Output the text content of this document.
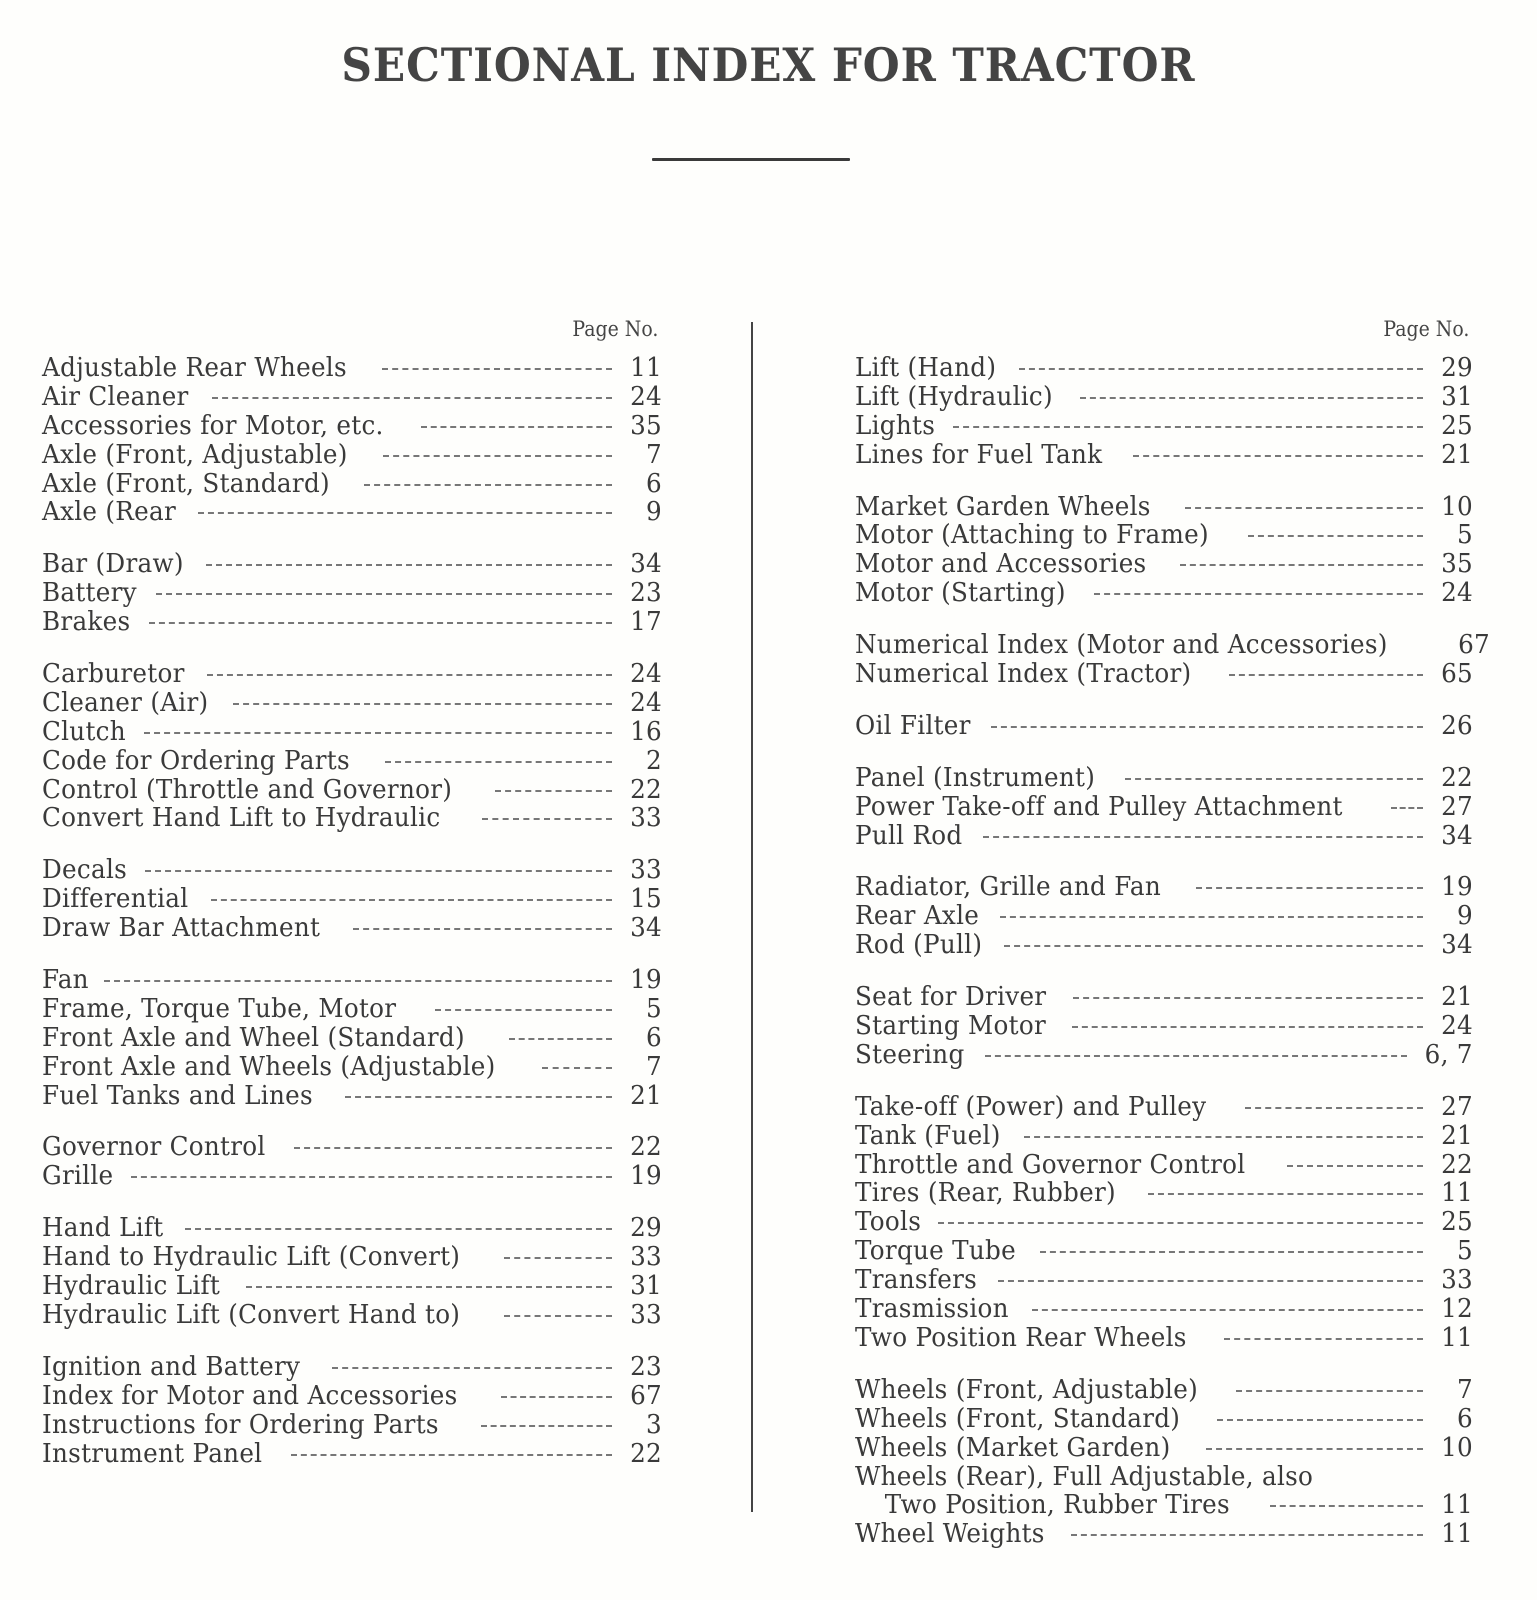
SECTIONAL INDEX FOR TRACTOR
Page No.
Adjustable Rear Wheels	11
Air Cleaner	24
Accessories for Motor, etc.	35
Axle (Front, Adjustable)	7
Axle (Front, Standard)	6
Axle (Rear	9
Bar (Draw)	34
Battery	23
Brakes	17
Carburetor	24
Cleaner (Air)	24
Clutch	16
Code for Ordering Parts	2
Control (Throttle and Governor)	22
Convert Hand Lift to Hydraulic	33
Decals	33
Differential	15
Draw Bar Attachment	34
Fan	19
Frame, Torque Tube, Motor	5
Front Axle and Wheel (Standard)	6
Front Axle and Wheels (Adjustable)	7
Fuel Tanks and Lines	21
Governor Control	22
Grille	19
Hand Lift	29
Hand to Hydraulic Lift (Convert)	33
Hydraulic Lift	31
Hydraulic Lift (Convert Hand to)	33
Ignition and Battery	23
Index for Motor and Accessories	67
Instructions for Ordering Parts	3
Instrument Panel	22
Page No.
Lift (Hand)	29
Lift (Hydraulic)	31
Lights	25
Lines for Fuel Tank	21
Market Garden Wheels	10
Motor (Attaching to Frame)	5
Motor and Accessories	35
Motor (Starting)	24
Numerical Index (Motor and Accessories)	67
Numerical Index (Tractor)	65
Oil Filter	26
Panel (Instrument)	22
Power Take-off and Pulley Attachment	27
Pull Rod	34
Radiator, Grille and Fan	19
Rear Axle	9
Rod (Pull)	34
Seat for Driver	21
Starting Motor	24
Steering	6, 7
Take-off (Power) and Pulley	27
Tank (Fuel)	21
Throttle and Governor Control	22
Tires (Rear, Rubber)	11
Tools	25
Torque Tube	5
Transfers	33
Trasmission	12
Two Position Rear Wheels	11
Wheels (Front, Adjustable)	7
Wheels (Front, Standard)	6
Wheels (Market Garden)	10
Wheels (Rear), Full Adjustable, also
Two Position, Rubber Tires	11
Wheel Weights	11
